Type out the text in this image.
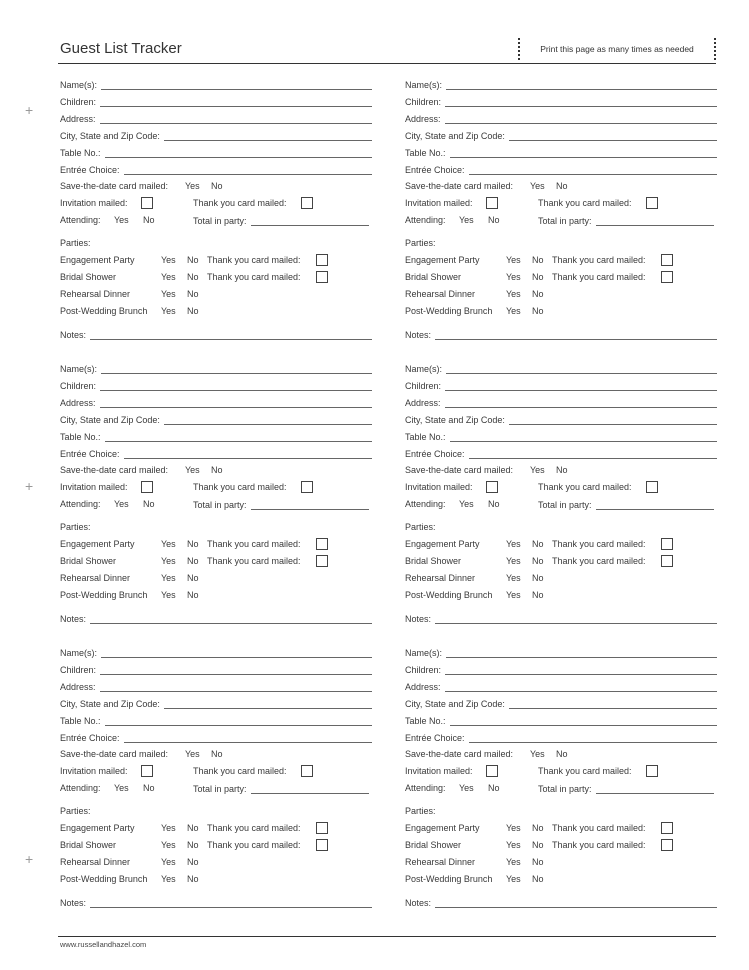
Guest List Tracker	Print this page as many times as needed
+
+
+
Name(s):
Children:
Address:
City, State and Zip Code:
Table No.:
Entrée Choice:
Save-the-date card mailed: Yes No
Invitation mailed:	Thank you card mailed:
Attending: Yes No	Total in party:
Parties:
Engagement Party	Yes No Thank you card mailed:
Bridal Shower	Yes No Thank you card mailed:
Rehearsal Dinner	Yes No
Post-Wedding Brunch Yes No
Notes:
Name(s):
Children:
Address:
City, State and Zip Code:
Table No.:
Entrée Choice:
Save-the-date card mailed: Yes No
Invitation mailed:	Thank you card mailed:
Attending: Yes No	Total in party:
Parties:
Engagement Party	Yes No Thank you card mailed:
Bridal Shower	Yes No Thank you card mailed:
Rehearsal Dinner	Yes No
Post-Wedding Brunch Yes No
Notes:
Name(s):
Children:
Address:
City, State and Zip Code:
Table No.:
Entrée Choice:
Save-the-date card mailed: Yes No
Invitation mailed:	Thank you card mailed:
Attending: Yes No	Total in party:
Parties:
Engagement Party	Yes No Thank you card mailed:
Bridal Shower	Yes No Thank you card mailed:
Rehearsal Dinner	Yes No
Post-Wedding Brunch Yes No
Notes:
Name(s):
Children:
Address:
City, State and Zip Code:
Table No.:
Entrée Choice:
Save-the-date card mailed: Yes No
Invitation mailed:	Thank you card mailed:
Attending: Yes No	Total in party:
Parties:
Engagement Party	Yes No Thank you card mailed:
Bridal Shower	Yes No Thank you card mailed:
Rehearsal Dinner	Yes No
Post-Wedding Brunch Yes No
Notes:
Name(s):
Children:
Address:
City, State and Zip Code:
Table No.:
Entrée Choice:
Save-the-date card mailed: Yes No
Invitation mailed:	Thank you card mailed:
Attending: Yes No	Total in party:
Parties:
Engagement Party	Yes No Thank you card mailed:
Bridal Shower	Yes No Thank you card mailed:
Rehearsal Dinner	Yes No
Post-Wedding Brunch Yes No
Notes:
Name(s):
Children:
Address:
City, State and Zip Code:
Table No.:
Entrée Choice:
Save-the-date card mailed: Yes No
Invitation mailed:	Thank you card mailed:
Attending: Yes No	Total in party:
Parties:
Engagement Party	Yes No Thank you card mailed:
Bridal Shower	Yes No Thank you card mailed:
Rehearsal Dinner	Yes No
Post-Wedding Brunch Yes No
Notes:
www.russellandhazel.com
